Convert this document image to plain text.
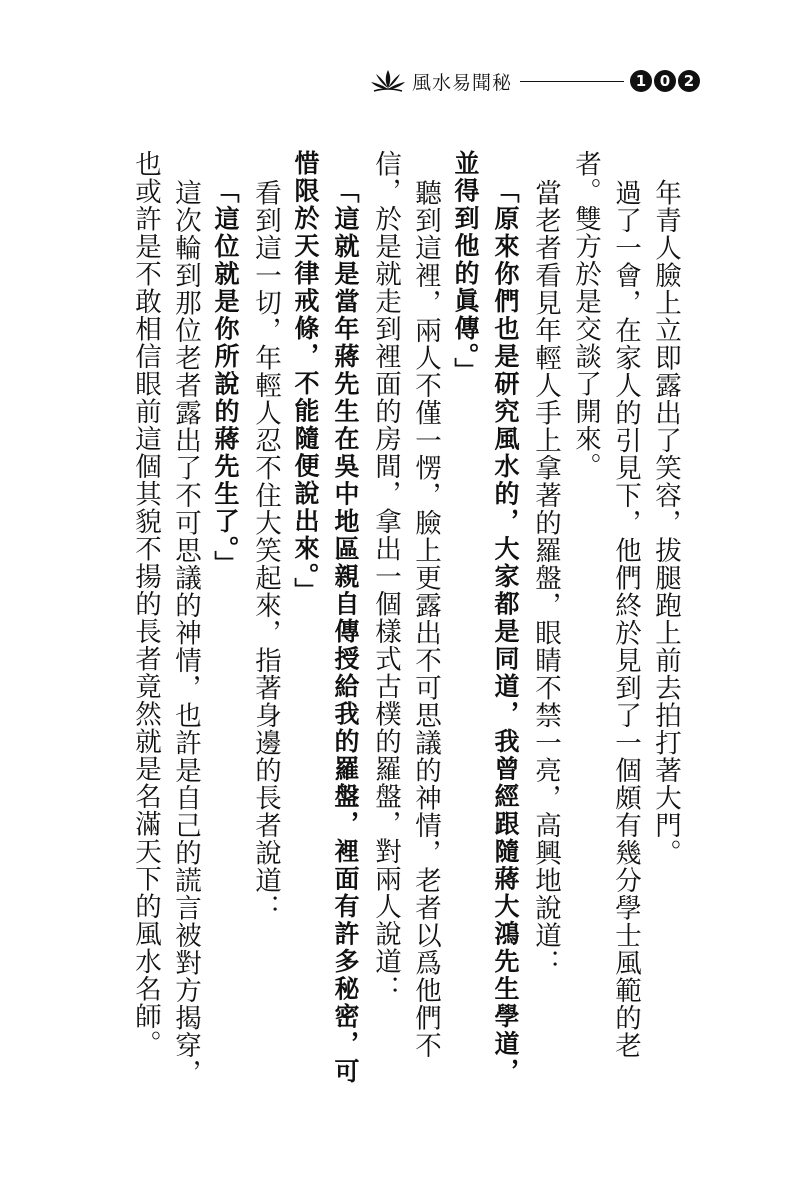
風水易聞秘	1 0 2

年青人臉上立即露出了笑容，拔腿跑上前去拍打著大門。

過了一會，在家人的引見下，他們終於見到了一個頗有幾分學士風範的老者。雙方於是交談了開來。

當老者看見年輕人手上拿著的羅盤，眼睛不禁一亮，高興地說道：

「原來你們也是研究風水的，大家都是同道，我曾經跟隨蔣大鴻先生學道，並得到他的眞傳。」

聽到這裡，兩人不僅一愣，臉上更露出不可思議的神情，老者以爲他們不信，於是就走到裡面的房間，拿出一個樣式古樸的羅盤，對兩人說道：

「這就是當年蔣先生在吳中地區親自傳授給我的羅盤，裡面有許多秘密，可惜限於天律戒條，不能隨便說出來。」

看到這一切，年輕人忍不住大笑起來，指著身邊的長者說道：

「這位就是你所說的蔣先生了。」

這次輪到那位老者露出了不可思議的神情，也許是自己的謊言被對方揭穿，也或許是不敢相信眼前這個其貌不揚的長者竟然就是名滿天下的風水名師。
